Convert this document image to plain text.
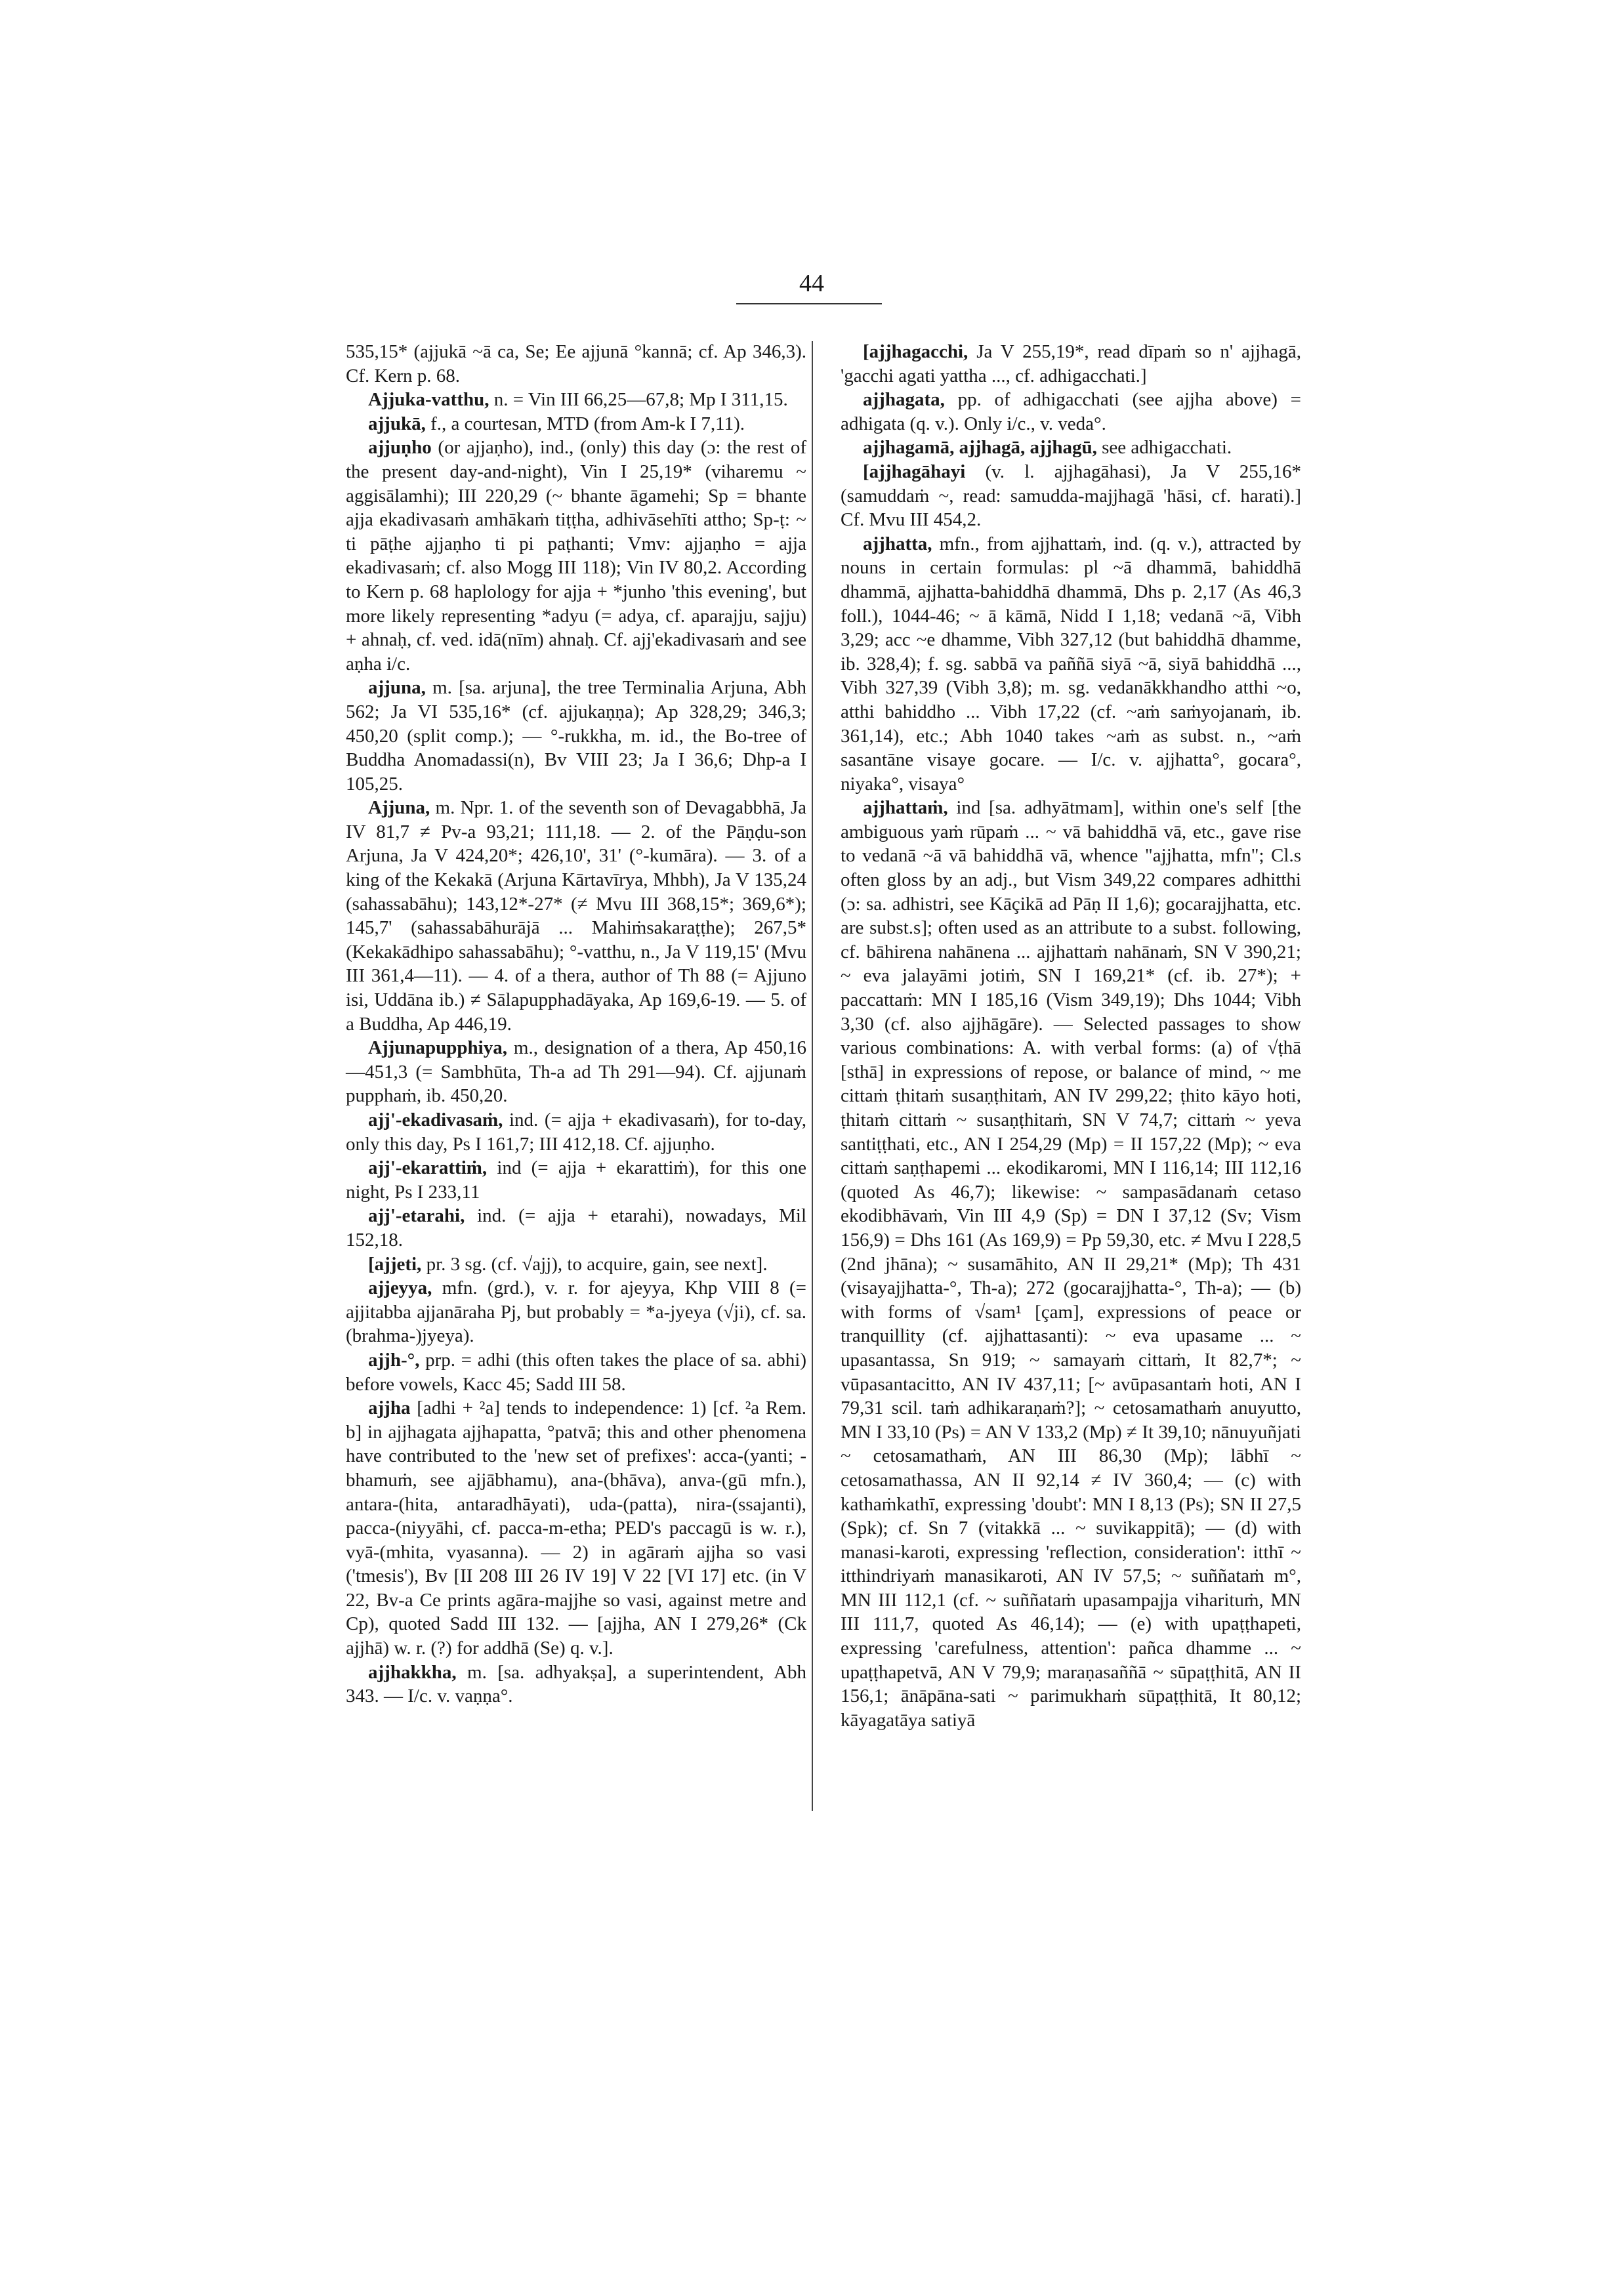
44

535,15* (ajjukā ~ā ca, Se; Ee ajjunā °kannā; cf. Ap 346,3). Cf. Kern p. 68.

Ajjuka-vatthu, n. = Vin III 66,25—67,8; Mp I 311,15.

ajjukā, f., a courtesan, MTD (from Am-k I 7,11).

ajjuṇho (or ajjaṇho), ind., (only) this day (ɔ: the rest of the present day-and-night), Vin I 25,19* (viharemu ~ aggisālamhi); III 220,29 (~ bhante āgamehi; Sp = bhante ajja ekadivasaṁ amhākaṁ tiṭṭha, adhivāsehīti attho; Sp-ṭ: ~ ti pāṭhe ajjaṇho ti pi paṭhanti; Vmv: ajjaṇho = ajja ekadivasaṁ; cf. also Mogg III 118); Vin IV 80,2. According to Kern p. 68 haplology for ajja + *junho 'this evening', but more likely representing *adyu (= adya, cf. aparajju, sajju) + ahnaḥ, cf. ved. idā(nīm) ahnaḥ. Cf. ajj'ekadivasaṁ and see aṇha i/c.

ajjuna, m. [sa. arjuna], the tree Terminalia Arjuna, Abh 562; Ja VI 535,16* (cf. ajjukaṇṇa); Ap 328,29; 346,3; 450,20 (split comp.); — °-rukkha, m. id., the Bo-tree of Buddha Anomadassi(n), Bv VIII 23; Ja I 36,6; Dhp-a I 105,25.

Ajjuna, m. Npr. 1. of the seventh son of Devagabbhā, Ja IV 81,7 ≠ Pv-a 93,21; 111,18. — 2. of the Pāṇḍu-son Arjuna, Ja V 424,20*; 426,10', 31' (°-kumāra). — 3. of a king of the Kekakā (Arjuna Kārtavīrya, Mhbh), Ja V 135,24 (sahassabāhu); 143,12*-27* (≠ Mvu III 368,15*; 369,6*); 145,7' (sahassabāhurājā ... Mahiṁsakaraṭṭhe); 267,5* (Kekakādhipo sahassabāhu); °-vatthu, n., Ja V 119,15' (Mvu III 361,4—11). — 4. of a thera, author of Th 88 (= Ajjuno isi, Uddāna ib.) ≠ Sālapupphadāyaka, Ap 169,6-19. — 5. of a Buddha, Ap 446,19.

Ajjunapupphiya, m., designation of a thera, Ap 450,16—451,3 (= Sambhūta, Th-a ad Th 291—94). Cf. ajjunaṁ pupphaṁ, ib. 450,20.

ajj'-ekadivasaṁ, ind. (= ajja + ekadivasaṁ), for to-day, only this day, Ps I 161,7; III 412,18. Cf. ajjuṇho.

ajj'-ekarattiṁ, ind (= ajja + ekarattiṁ), for this one night, Ps I 233,11

ajj'-etarahi, ind. (= ajja + etarahi), nowadays, Mil 152,18.

[ajjeti, pr. 3 sg. (cf. √ajj), to acquire, gain, see next].

ajjeyya, mfn. (grd.), v. r. for ajeyya, Khp VIII 8 (= ajjitabba ajjanāraha Pj, but probably = *a-jyeya (√ji), cf. sa. (brahma-)jyeya).

ajjh-°, prp. = adhi (this often takes the place of sa. abhi) before vowels, Kacc 45; Sadd III 58.

ajjha [adhi + ²a] tends to independence: 1) [cf. ²a Rem. b] in ajjhagata ajjhapatta, °patvā; this and other phenomena have contributed to the 'new set of prefixes': acca-(yanti; -bhamuṁ, see ajjābhamu), ana-(bhāva), anva-(gū mfn.), antara-(hita, antaradhāyati), uda-(patta), nira-(ssajanti), pacca-(niyyāhi, cf. pacca-m-etha; PED's paccagū is w. r.), vyā-(mhita, vyasanna). — 2) in agāraṁ ajjha so vasi ('tmesis'), Bv [II 208 III 26 IV 19] V 22 [VI 17] etc. (in V 22, Bv-a Ce prints agāra-majjhe so vasi, against metre and Cp), quoted Sadd III 132. — [ajjha, AN I 279,26* (Ck ajjhā) w. r. (?) for addhā (Se) q. v.].

ajjhakkha, m. [sa. adhyakṣa], a superintendent, Abh 343. — I/c. v. vaṇṇa°.

[ajjhagacchi, Ja V 255,19*, read dīpaṁ so n' ajjhagā, 'gacchi agati yattha ..., cf. adhigacchati.]

ajjhagata, pp. of adhigacchati (see ajjha above) = adhigata (q. v.). Only i/c., v. veda°.

ajjhagamā, ajjhagā, ajjhagū, see adhigacchati.

[ajjhagāhayi (v. l. ajjhagāhasi), Ja V 255,16* (samuddaṁ ~, read: samudda-majjhagā 'hāsi, cf. harati).] Cf. Mvu III 454,2.

ajjhatta, mfn., from ajjhattaṁ, ind. (q. v.), attracted by nouns in certain formulas: pl ~ā dhammā, bahiddhā dhammā, ajjhatta-bahiddhā dhammā, Dhs p. 2,17 (As 46,3 foll.), 1044-46; ~ ā kāmā, Nidd I 1,18; vedanā ~ā, Vibh 3,29; acc ~e dhamme, Vibh 327,12 (but bahiddhā dhamme, ib. 328,4); f. sg. sabbā va paññā siyā ~ā, siyā bahiddhā ..., Vibh 327,39 (Vibh 3,8); m. sg. vedanākkhandho atthi ~o, atthi bahiddho ... Vibh 17,22 (cf. ~aṁ saṁyojanaṁ, ib. 361,14), etc.; Abh 1040 takes ~aṁ as subst. n., ~aṁ sasantāne visaye gocare. — I/c. v. ajjhatta°, gocara°, niyaka°, visaya°

ajjhattaṁ, ind [sa. adhyātmam], within one's self [the ambiguous yaṁ rūpaṁ ... ~ vā bahiddhā vā, etc., gave rise to vedanā ~ā vā bahiddhā vā, whence "ajjhatta, mfn"; Cl.s often gloss by an adj., but Vism 349,22 compares adhitthi (ɔ: sa. adhistri, see Kāçikā ad Pāṇ II 1,6); gocarajjhatta, etc. are subst.s]; often used as an attribute to a subst. following, cf. bāhirena nahānena ... ajjhattaṁ nahānaṁ, SN V 390,21; ~ eva jalayāmi jotiṁ, SN I 169,21* (cf. ib. 27*); + paccattaṁ: MN I 185,16 (Vism 349,19); Dhs 1044; Vibh 3,30 (cf. also ajjhāgāre). — Selected passages to show various combinations: A. with verbal forms: (a) of √ṭhā [sthā] in expressions of repose, or balance of mind, ~ me cittaṁ ṭhitaṁ susaṇṭhitaṁ, AN IV 299,22; ṭhito kāyo hoti, ṭhitaṁ cittaṁ ~ susaṇṭhitaṁ, SN V 74,7; cittaṁ ~ yeva santiṭṭhati, etc., AN I 254,29 (Mp) = II 157,22 (Mp); ~ eva cittaṁ saṇṭhapemi ... ekodikaromi, MN I 116,14; III 112,16 (quoted As 46,7); likewise: ~ sampasādanaṁ cetaso ekodibhāvaṁ, Vin III 4,9 (Sp) = DN I 37,12 (Sv; Vism 156,9) = Dhs 161 (As 169,9) = Pp 59,30, etc. ≠ Mvu I 228,5 (2nd jhāna); ~ susamāhito, AN II 29,21* (Mp); Th 431 (visayajjhatta-°, Th-a); 272 (gocarajjhatta-°, Th-a); — (b) with forms of √sam¹ [çam], expressions of peace or tranquillity (cf. ajjhattasanti): ~ eva upasame ... ~ upasantassa, Sn 919; ~ samayaṁ cittaṁ, It 82,7*; ~ vūpasantacitto, AN IV 437,11; [~ avūpasantaṁ hoti, AN I 79,31 scil. taṁ adhikaraṇaṁ?]; ~ cetosamathaṁ anuyutto, MN I 33,10 (Ps) = AN V 133,2 (Mp) ≠ It 39,10; nānuyuñjati ~ cetosamathaṁ, AN III 86,30 (Mp); lābhī ~ cetosamathassa, AN II 92,14 ≠ IV 360,4; — (c) with kathaṁkathī, expressing 'doubt': MN I 8,13 (Ps); SN II 27,5 (Spk); cf. Sn 7 (vitakkā ... ~ suvikappitā); — (d) with manasi-karoti, expressing 'reflection, consideration': itthī ~ itthindriyaṁ manasikaroti, AN IV 57,5; ~ suññataṁ m°, MN III 112,1 (cf. ~ suññataṁ upasampajja viharituṁ, MN III 111,7, quoted As 46,14); — (e) with upaṭṭhapeti, expressing 'carefulness, attention': pañca dhamme ... ~ upaṭṭhapetvā, AN V 79,9; maraṇasaññā ~ sūpaṭṭhitā, AN II 156,1; ānāpāna-sati ~ parimukhaṁ sūpaṭṭhitā, It 80,12; kāyagatāya satiyā
